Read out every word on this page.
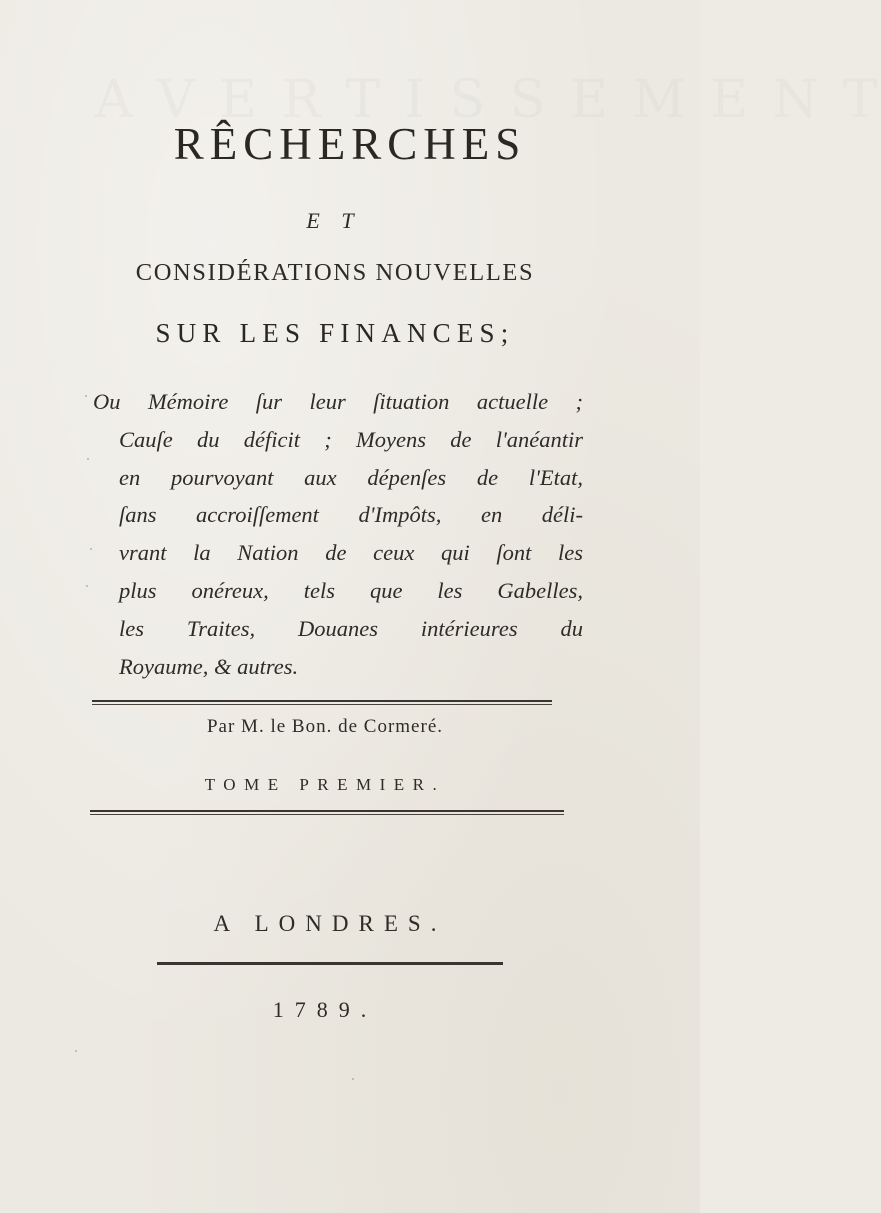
A V E R T I S S E M E N T
RÊCHERCHES
E T
CONSIDÉRATIONS NOUVELLES
SUR LES FINANCES;
Ou Mémoire ſur leur ſituation actuelle ;
Cauſe du déficit ; Moyens de l'anéantir
en pourvoyant aux dépenſes de l'Etat,
ſans accroiſſement d'Impôts, en déli-
vrant la Nation de ceux qui ſont les
plus onéreux, tels que les Gabelles,
les Traites, Douanes intérieures du
Royaume, & autres.
Par M. le Bon. de Cormeré.
TOME PREMIER.
A LONDRES.
1789.
